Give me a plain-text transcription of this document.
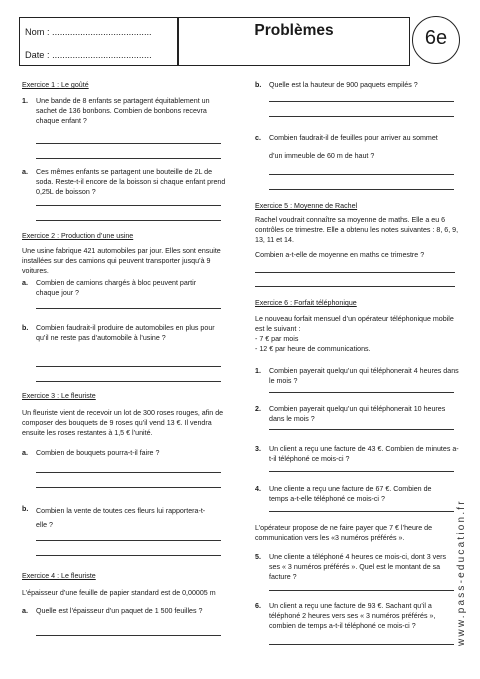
Nom : .......................................
Date : .......................................
Problèmes	6e
Exercice 1 : Le goûté
1. Une bande de 8 enfants se partagent équitablement un sachet de 136 bonbons. Combien de bonbons recevra chaque enfant ?
a. Ces mêmes enfants se partagent une bouteille de 2L de soda. Reste-t-il encore de la boisson si chaque enfant prend 0,25L de boisson ?
Exercice 2 : Production d’une usine
Une usine fabrique 421 automobiles par jour. Elles sont ensuite installées sur des camions qui peuvent transporter jusqu’à 9 voitures.
a. Combien de camions chargés à bloc peuvent partir chaque jour ?
b. Combien faudrait-il produire de automobiles en plus pour qu’il ne reste pas d’automobile à l’usine ?
Exercice 3 : Le fleuriste
Un fleuriste vient de recevoir un lot de 300 roses rouges, afin de composer des bouquets de 9 roses qu’il vend 13 €. Il vendra ensuite les roses restantes à 1,5 € l’unité.
a. Combien de bouquets pourra-t-il faire ?
b. Combien la vente de toutes ces fleurs lui rapportera-t-elle ?
Exercice 4 : Le fleuriste
L’épaisseur d’une feuille de papier standard est de 0,00005 m
a. Quelle est l’épaisseur d’un paquet de 1 500 feuilles ?
b. Quelle est la hauteur de 900 paquets empilés ?
c. Combien faudrait-il de feuilles pour arriver au sommet
d’un immeuble de 60 m de haut ?
Exercice 5 : Moyenne de Rachel
Rachel voudrait connaître sa moyenne de maths. Elle a eu 6 contrôles ce trimestre. Elle a obtenu les notes suivantes : 8, 6, 9, 13, 11 et 14.
Combien a-t-elle de moyenne en maths ce trimestre ?
Exercice 6 : Forfait téléphonique
Le nouveau forfait mensuel d’un opérateur téléphonique mobile est le suivant :
- 7 € par mois
- 12 € par heure de communications.
1. Combien payerait quelqu’un qui téléphonerait 4 heures dans le mois ?
2. Combien payerait quelqu’un qui téléphonerait 10 heures dans le mois ?
3. Un client a reçu une facture de 43 €. Combien de minutes a-t-il téléphoné ce mois-ci ?
4. Une cliente a reçu une facture de 67 €. Combien de temps a-t-elle téléphoné ce mois-ci ?
L’opérateur propose de ne faire payer que 7 € l’heure de communication vers les «3 numéros préférés ».
5. Une cliente a téléphoné 4 heures ce mois-ci, dont 3 vers ses « 3 numéros préférés ». Quel est le montant de sa facture ?
6. Un client a reçu une facture de 93 €. Sachant qu’il a téléphoné 2 heures vers ses « 3 numéros préférés », combien de temps a-t-il téléphoné ce mois-ci ?	www.pass-education.fr
